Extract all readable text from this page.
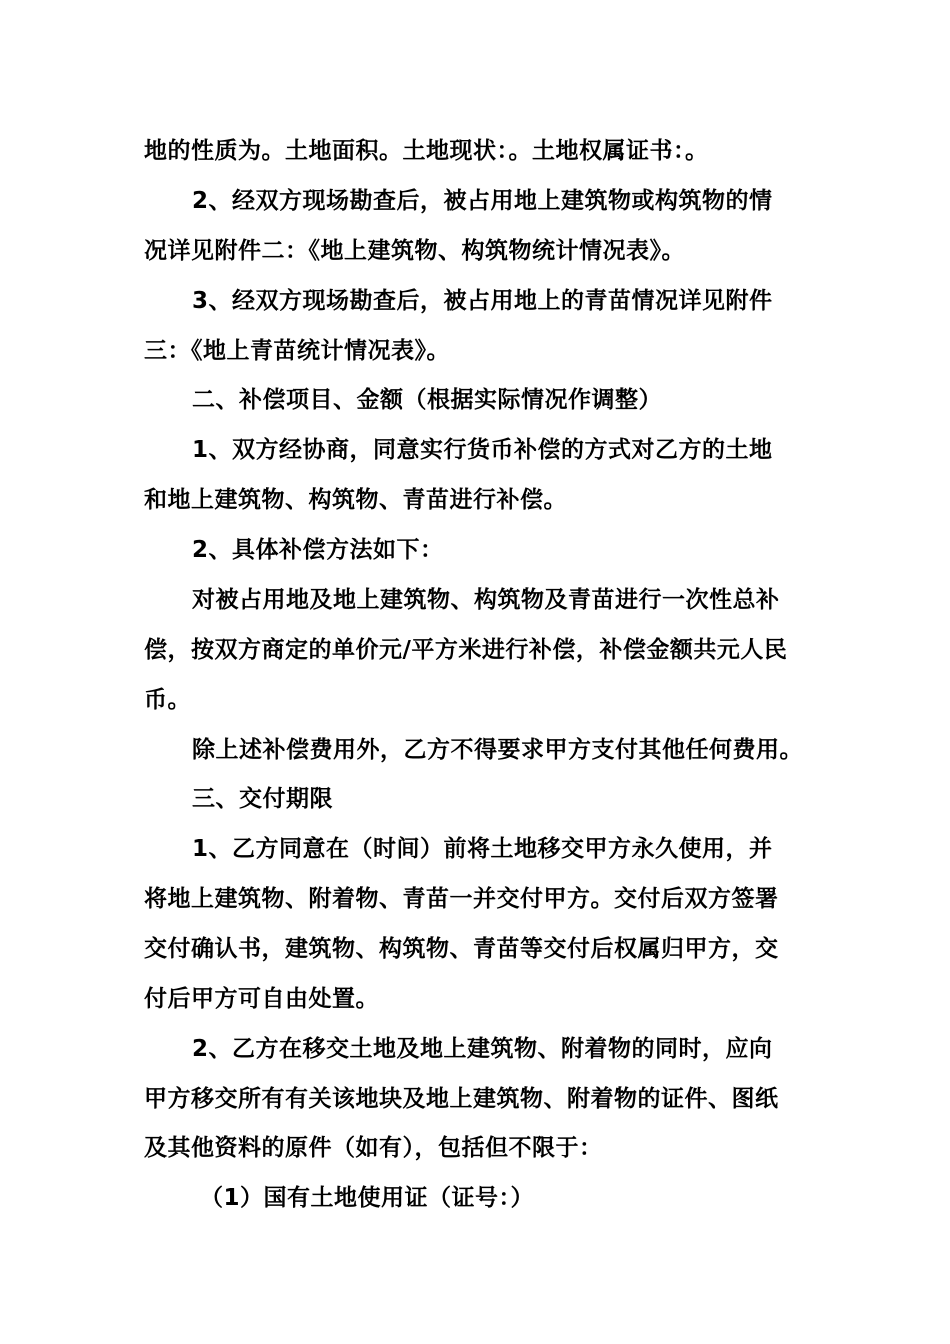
地的性质为。土地面积。土地现状：。土地权属证书：。
2、经双方现场勘查后，被占用地上建筑物或构筑物的情
况详见附件二：《地上建筑物、构筑物统计情况表》。
3、经双方现场勘查后，被占用地上的青苗情况详见附件
三：《地上青苗统计情况表》。
二、补偿项目、金额（根据实际情况作调整）
1、双方经协商，同意实行货币补偿的方式对乙方的土地
和地上建筑物、构筑物、青苗进行补偿。
2、具体补偿方法如下：
对被占用地及地上建筑物、构筑物及青苗进行一次性总补
偿，按双方商定的单价元/平方米进行补偿，补偿金额共元人民
币。
除上述补偿费用外，乙方不得要求甲方支付其他任何费用。
三、交付期限
1、乙方同意在（时间）前将土地移交甲方永久使用，并
将地上建筑物、附着物、青苗一并交付甲方。交付后双方签署
交付确认书，建筑物、构筑物、青苗等交付后权属归甲方，交
付后甲方可自由处置。
2、乙方在移交土地及地上建筑物、附着物的同时，应向
甲方移交所有有关该地块及地上建筑物、附着物的证件、图纸
及其他资料的原件（如有），包括但不限于：
（1）国有土地使用证（证号：）
